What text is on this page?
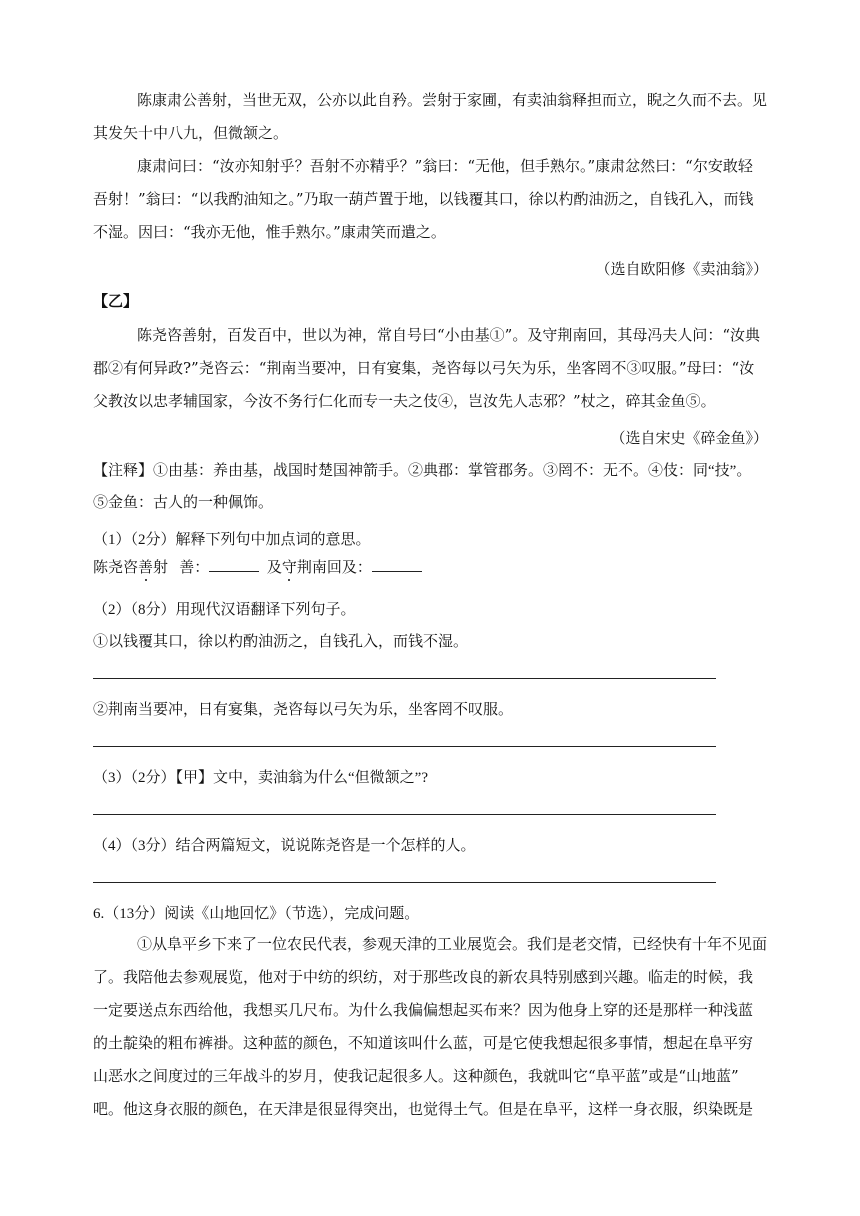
陈康肃公善射，当世无双，公亦以此自矜。尝射于家圃，有卖油翁释担而立，睨之久而不去。见
其发矢十中八九，但微颔之。
康肃问曰：“汝亦知射乎？吾射不亦精乎？”翁曰：“无他，但手熟尔。”康肃忿然曰：“尔安敢轻
吾射！”翁曰：“以我酌油知之。”乃取一葫芦置于地，以钱覆其口，徐以杓酌油沥之，自钱孔入，而钱
不湿。因曰：“我亦无他，惟手熟尔。”康肃笑而遣之。
（选自欧阳修《卖油翁》）
【乙】
陈尧咨善射，百发百中，世以为神，常自号曰“小由基①”。及守荆南回，其母冯夫人问：“汝典
郡②有何异政?”尧咨云：“荆南当要冲，日有宴集，尧咨每以弓矢为乐，坐客罔不③叹服。”母曰：“汝
父教汝以忠孝辅国家，今汝不务行仁化而专一夫之伎④，岂汝先人志邪？”杖之，碎其金鱼⑤。
（选自宋史《碎金鱼》）
【注释】①由基：养由基，战国时楚国神箭手。②典郡：掌管郡务。③罔不：无不。④伎：同“技”。
⑤金鱼：古人的一种佩饰。
（1）（2分）解释下列句中加点词的意思。
陈尧咨善射 善：	及守荆南回及：
（2）（8分）用现代汉语翻译下列句子。
①以钱覆其口，徐以杓酌油沥之，自钱孔入，而钱不湿。
②荆南当要冲，日有宴集，尧咨每以弓矢为乐，坐客罔不叹服。
（3）（2分）【甲】文中，卖油翁为什么“但微颔之”?
（4）（3分）结合两篇短文，说说陈尧咨是一个怎样的人。
6.（13分）阅读《山地回忆》（节选），完成问题。
①从阜平乡下来了一位农民代表，参观天津的工业展览会。我们是老交情，已经快有十年不见面
了。我陪他去参观展览，他对于中纺的织纺，对于那些改良的新农具特别感到兴趣。临走的时候，我
一定要送点东西给他，我想买几尺布。为什么我偏偏想起买布来？因为他身上穿的还是那样一种浅蓝
的土靛染的粗布裤褂。这种蓝的颜色，不知道该叫什么蓝，可是它使我想起很多事情，想起在阜平穷
山恶水之间度过的三年战斗的岁月，使我记起很多人。这种颜色，我就叫它“阜平蓝”或是“山地蓝”
吧。他这身衣服的颜色，在天津是很显得突出，也觉得土气。但是在阜平，这样一身衣服，织染既是
